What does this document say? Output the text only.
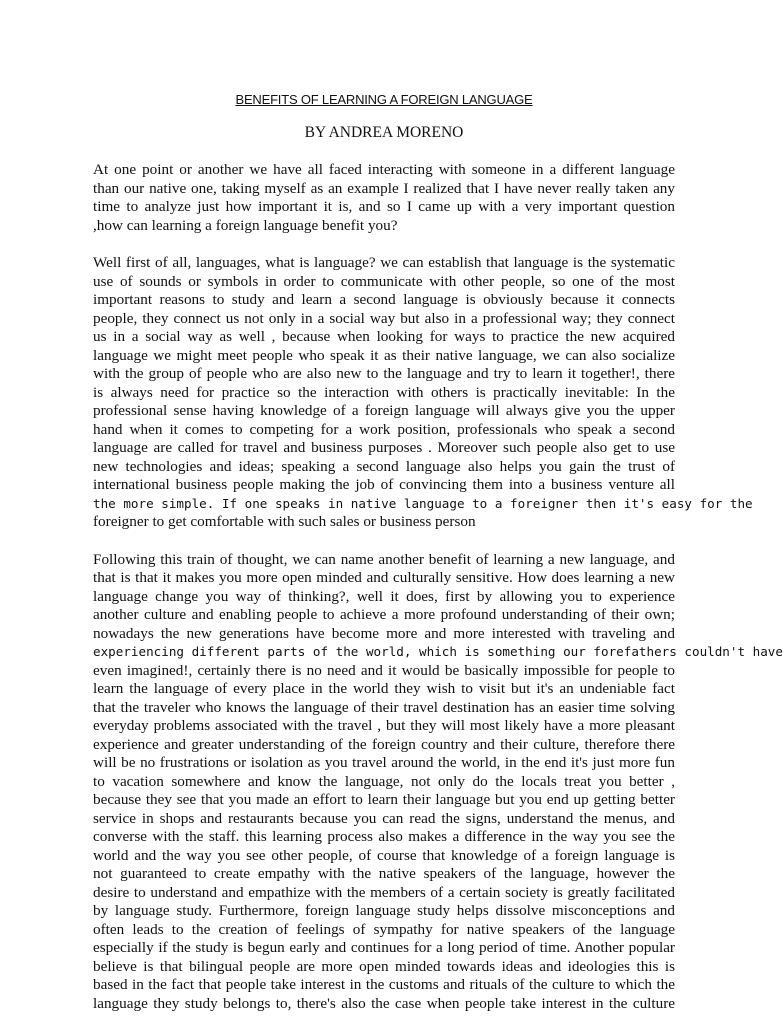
BENEFITS OF LEARNING A FOREIGN LANGUAGE
BY ANDREA MORENO
At one point or another we have all faced interacting with someone in a different language
than our native one, taking myself as an example I realized that I have never really taken any
time to analyze just how important it is, and so I came up with a very important question
,how can learning a foreign language benefit you?
Well first of all, languages, what is language? we can establish that language is the systematic
use of sounds or symbols in order to communicate with other people, so one of the most
important reasons to study and learn a second language is obviously because it connects
people, they connect us not only in a social way but also in a professional way; they connect
us in a social way as well , because when looking for ways to practice the new acquired
language we might meet people who speak it as their native language, we can also socialize
with the group of people who are also new to the language and try to learn it together!, there
is always need for practice so the interaction with others is practically inevitable: In the
professional sense having knowledge of a foreign language will always give you the upper
hand when it comes to competing for a work position, professionals who speak a second
language are called for travel and business purposes . Moreover such people also get to use
new technologies and ideas; speaking a second language also helps you gain the trust of
international business people making the job of convincing them into a business venture all
the more simple. If one speaks in native language to a foreigner then it's easy for the
foreigner to get comfortable with such sales or business person
Following this train of thought, we can name another benefit of learning a new language, and
that is that it makes you more open minded and culturally sensitive. How does learning a new
language change you way of thinking?, well it does, first by allowing you to experience
another culture and enabling people to achieve a more profound understanding of their own;
nowadays the new generations have become more and more interested with traveling and
experiencing different parts of the world, which is something our forefathers couldn't have
even imagined!, certainly there is no need and it would be basically impossible for people to
learn the language of every place in the world they wish to visit but it's an undeniable fact
that the traveler who knows the language of their travel destination has an easier time solving
everyday problems associated with the travel , but they will most likely have a more pleasant
experience and greater understanding of the foreign country and their culture, therefore there
will be no frustrations or isolation as you travel around the world, in the end it's just more fun
to vacation somewhere and know the language, not only do the locals treat you better ,
because they see that you made an effort to learn their language but you end up getting better
service in shops and restaurants because you can read the signs, understand the menus, and
converse with the staff. this learning process also makes a difference in the way you see the
world and the way you see other people, of course that knowledge of a foreign language is
not guaranteed to create empathy with the native speakers of the language, however the
desire to understand and empathize with the members of a certain society is greatly facilitated
by language study. Furthermore, foreign language study helps dissolve misconceptions and
often leads to the creation of feelings of sympathy for native speakers of the language
especially if the study is begun early and continues for a long period of time. Another popular
believe is that bilingual people are more open minded towards ideas and ideologies this is
based in the fact that people take interest in the customs and rituals of the culture to which the
language they study belongs to, there's also the case when people take interest in the culture
